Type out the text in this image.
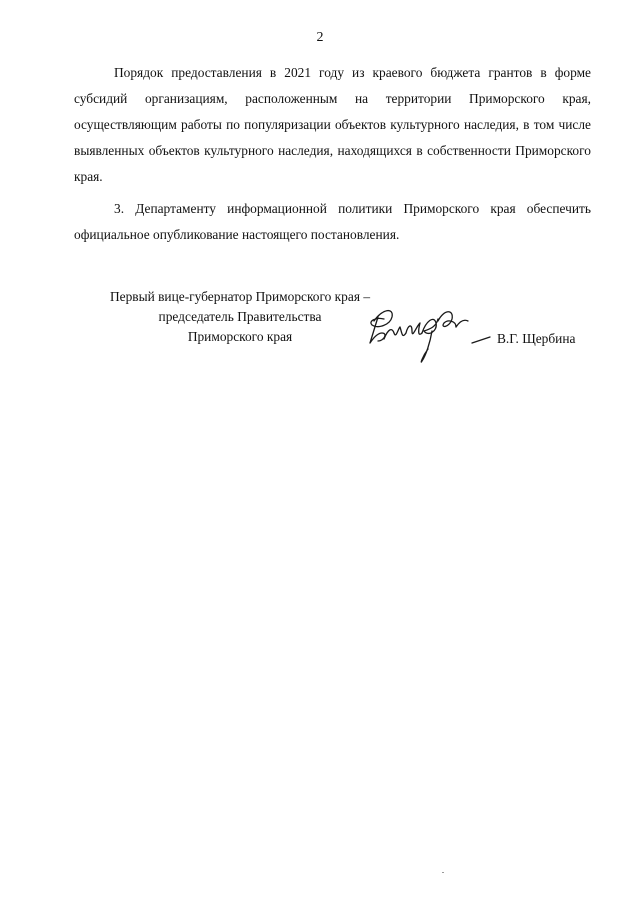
2

Порядок предоставления в 2021 году из краевого бюджета грантов в форме субсидий организациям, расположенным на территории Приморского края, осуществляющим работы по популяризации объектов культурного наследия, в том числе выявленных объектов культурного наследия, находящихся в собственности Приморского края.

3. Департаменту информационной политики Приморского края обеспечить официальное опубликование настоящего постановления.

Первый вице-губернатор Приморского края –
председатель Правительства
Приморского края	В.Г. Щербина
